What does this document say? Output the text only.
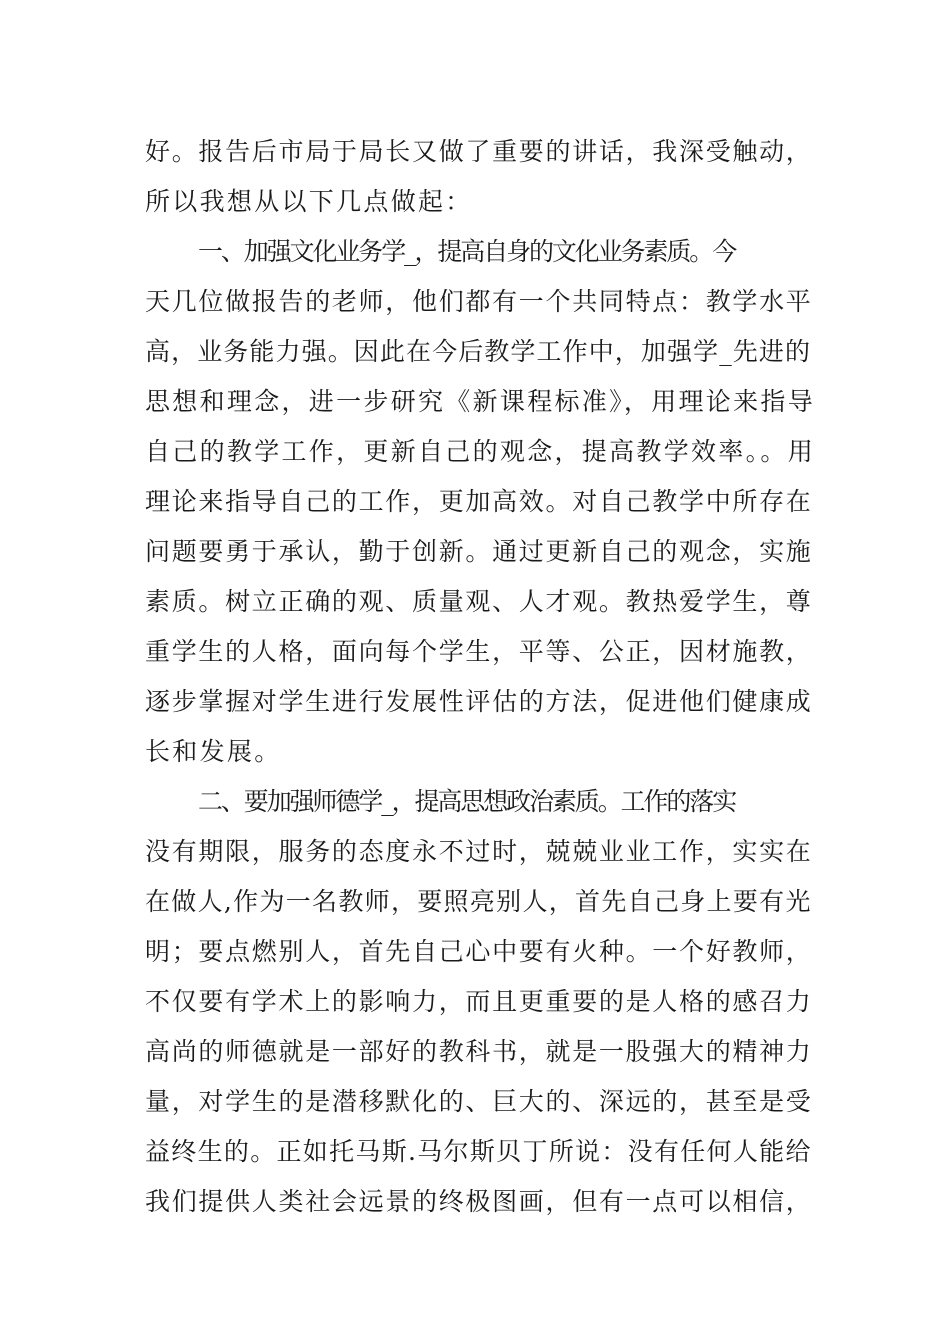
好。报告后市局于局长又做了重要的讲话，我深受触动，
所以我想从以下几点做起：
一、加强文化业务学_，提高自身的文化业务素质。今
天几位做报告的老师，他们都有一个共同特点：教学水平
高，业务能力强。因此在今后教学工作中，加强学_先进的
思想和理念，进一步研究《新课程标准》，用理论来指导
自己的教学工作，更新自己的观念，提高教学效率。。用
理论来指导自己的工作，更加高效。对自己教学中所存在
问题要勇于承认，勤于创新。通过更新自己的观念，实施
素质。树立正确的观、质量观、人才观。教热爱学生，尊
重学生的人格，面向每个学生，平等、公正，因材施教，
逐步掌握对学生进行发展性评估的方法，促进他们健康成
长和发展。
二、要加强师德学_，提高思想政治素质。工作的落实
没有期限，服务的态度永不过时，兢兢业业工作，实实在
在做人,作为一名教师，要照亮别人，首先自己身上要有光
明；要点燃别人，首先自己心中要有火种。一个好教师，
不仅要有学术上的影响力，而且更重要的是人格的感召力
高尚的师德就是一部好的教科书，就是一股强大的精神力
量，对学生的是潜移默化的、巨大的、深远的，甚至是受
益终生的。正如托马斯.马尔斯贝丁所说：没有任何人能给
我们提供人类社会远景的终极图画，但有一点可以相信，
